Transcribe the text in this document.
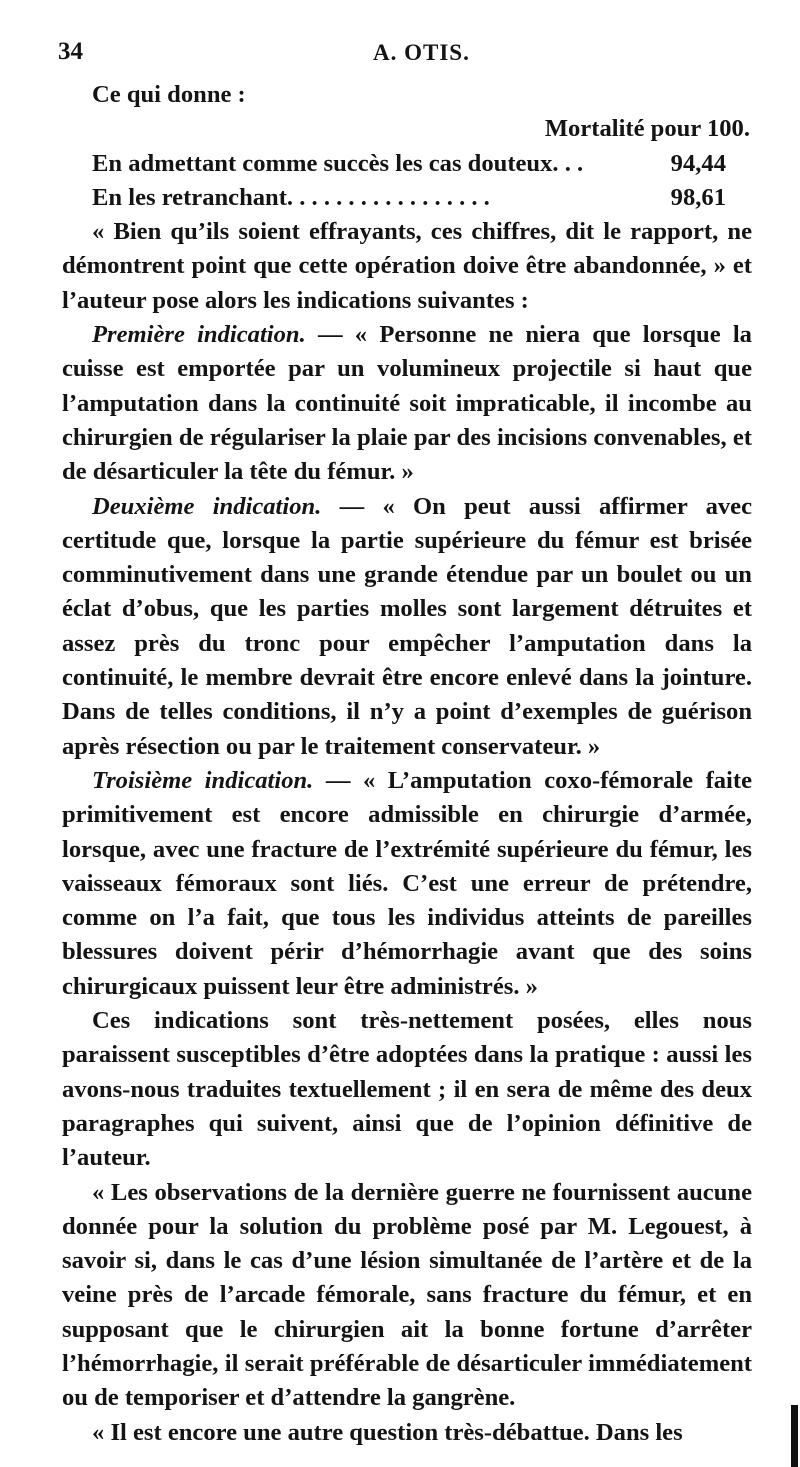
34	A. OTIS.

Ce qui donne :

Mortalité pour 100.

En admettant comme succès les cas douteux. . .	94,44
En les retranchant. . . . . . . . . . . . . . . . .	98,61

« Bien qu’ils soient effrayants, ces chiffres, dit le rapport, ne démontrent point que cette opération doive être abandonnée, » et l’auteur pose alors les indications suivantes :

Première indication. — « Personne ne niera que lorsque la cuisse est emportée par un volumineux projectile si haut que l’amputation dans la continuité soit impraticable, il incombe au chirurgien de régulariser la plaie par des incisions convenables, et de désarticuler la tête du fémur. »

Deuxième indication. — « On peut aussi affirmer avec certitude que, lorsque la partie supérieure du fémur est brisée comminutivement dans une grande étendue par un boulet ou un éclat d’obus, que les parties molles sont largement détruites et assez près du tronc pour empêcher l’amputation dans la continuité, le membre devrait être encore enlevé dans la jointure. Dans de telles conditions, il n’y a point d’exemples de guérison après résection ou par le traitement conservateur. »

Troisième indication. — « L’amputation coxo-fémorale faite primitivement est encore admissible en chirurgie d’armée, lorsque, avec une fracture de l’extrémité supérieure du fémur, les vaisseaux fémoraux sont liés. C’est une erreur de prétendre, comme on l’a fait, que tous les individus atteints de pareilles blessures doivent périr d’hémorrhagie avant que des soins chirurgicaux puissent leur être administrés. »

Ces indications sont très-nettement posées, elles nous paraissent susceptibles d’être adoptées dans la pratique : aussi les avons-nous traduites textuellement ; il en sera de même des deux paragraphes qui suivent, ainsi que de l’opinion définitive de l’auteur.

« Les observations de la dernière guerre ne fournissent aucune donnée pour la solution du problème posé par M. Legouest, à savoir si, dans le cas d’une lésion simultanée de l’artère et de la veine près de l’arcade fémorale, sans fracture du fémur, et en supposant que le chirurgien ait la bonne fortune d’arrêter l’hémorrhagie, il serait préférable de désarticuler immédiatement ou de temporiser et d’attendre la gangrène.

« Il est encore une autre question très-débattue. Dans les
